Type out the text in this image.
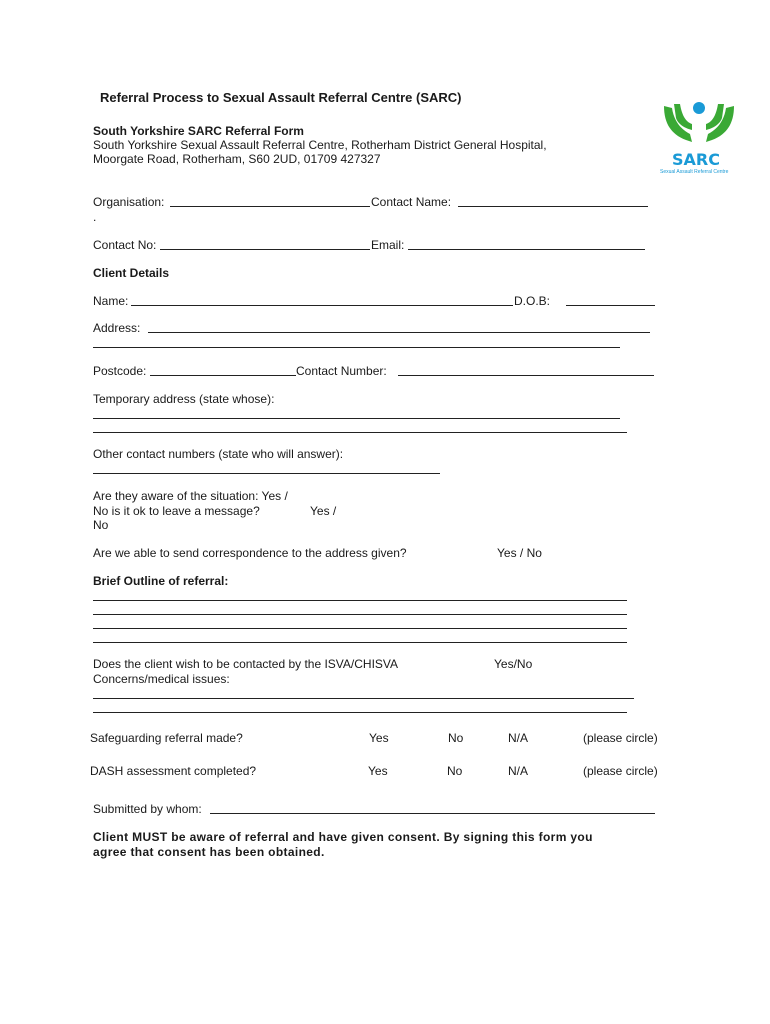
Referral Process to Sexual Assault Referral Centre (SARC)
South Yorkshire SARC Referral Form
South Yorkshire Sexual Assault Referral Centre, Rotherham District General Hospital,
Moorgate Road, Rotherham, S60 2UD, 01709 427327	SARC
Sexual Assault Referral Centre
Organisation:	Contact Name:
.
Contact No:	Email:
Client Details
Name:	D.O.B:
Address:
Postcode:	Contact Number:
Temporary address (state whose):
Other contact numbers (state who will answer):
Are they aware of the situation: Yes /
No is it ok to leave a message?	Yes /
No
Are we able to send correspondence to the address given?	Yes / No
Brief Outline of referral:
Does the client wish to be contacted by the ISVA/CHISVA	Yes/No
Concerns/medical issues:
Safeguarding referral made?	Yes	No	N/A	(please circle)
DASH assessment completed?	Yes	No	N/A	(please circle)
Submitted by whom:
Client MUST be aware of referral and have given consent. By signing this form you
agree that consent has been obtained.
